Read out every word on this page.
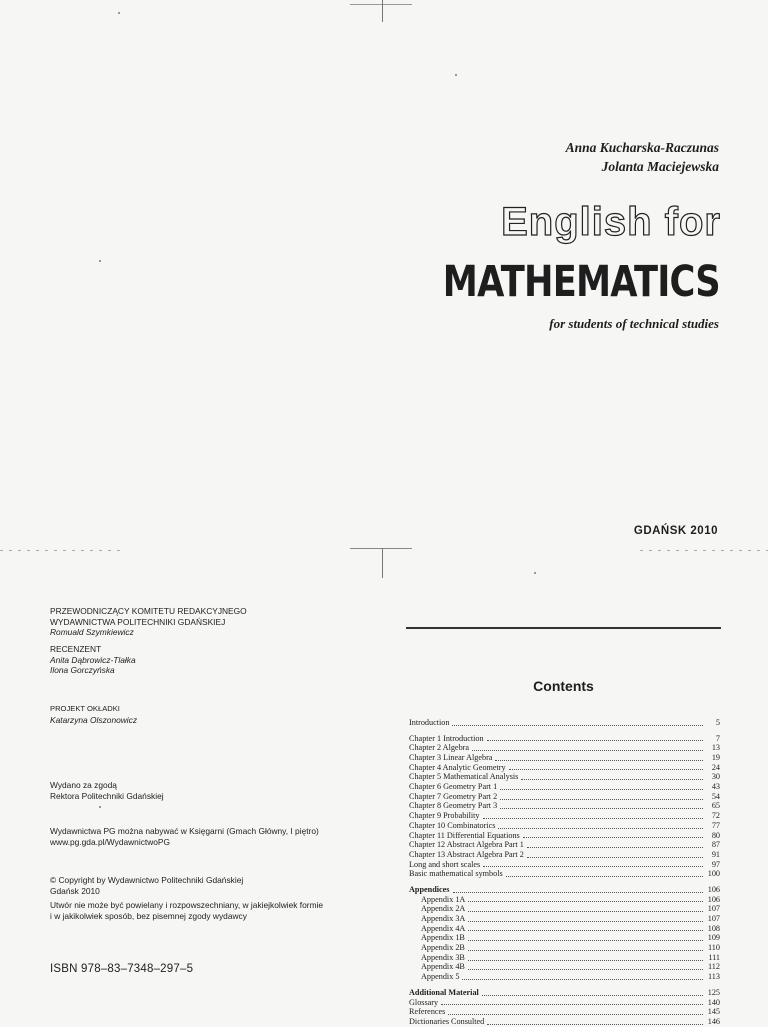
Anna Kucharska-Raczunas
Jolanta Maciejewska
English for
MATHEMATICS
for students of technical studies
GDAŃSK 2010
PRZEWODNICZĄCY KOMITETU REDAKCYJNEGO
WYDAWNICTWA POLITECHNIKI GDAŃSKIEJ
Romuald Szymkiewicz
RECENZENT
Anita Dąbrowicz-Tlałka
Ilona Gorczyńska
PROJEKT OKŁADKI
Katarzyna Olszonowicz
Wydano za zgodą
Rektora Politechniki Gdańskiej
Wydawnictwa PG można nabywać w Księgarni (Gmach Główny, I piętro)
www.pg.gda.pl/WydawnictwoPG
© Copyright by Wydawnictwo Politechniki Gdańskiej
Gdańsk 2010
Utwór nie może być powielany i rozpowszechniany, w jakiejkolwiek formie
i w jakikolwiek sposób, bez pisemnej zgody wydawcy
ISBN 978–83–7348–297–5
Contents
Introduction	5
Chapter 1 Introduction	7
Chapter 2 Algebra	13
Chapter 3 Linear Algebra	19
Chapter 4 Analytic Geometry	24
Chapter 5 Mathematical Analysis	30
Chapter 6 Geometry Part 1	43
Chapter 7 Geometry Part 2	54
Chapter 8 Geometry Part 3	65
Chapter 9 Probability	72
Chapter 10 Combinatorics	77
Chapter 11 Differential Equations	80
Chapter 12 Abstract Algebra Part 1	87
Chapter 13 Abstract Algebra Part 2	91
Long and short scales	97
Basic mathematical symbols	100
Appendices	106
Appendix 1A	106
Appendix 2A	107
Appendix 3A	107
Appendix 4A	108
Appendix 1B	109
Appendix 2B	110
Appendix 3B	111
Appendix 4B	112
Appendix 5	113
Additional Material	125
Glossary	140
References	145
Dictionaries Consulted	146
